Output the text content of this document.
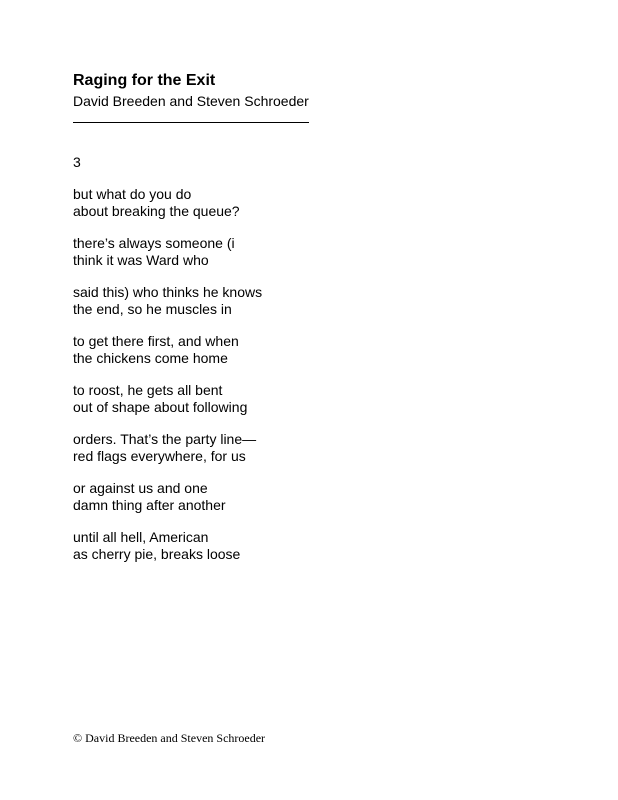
Raging for the Exit
David Breeden and Steven Schroeder
3
but what do you do
about breaking the queue?
there’s always someone (i
think it was Ward who
said this) who thinks he knows
the end, so he muscles in
to get there first, and when
the chickens come home
to roost, he gets all bent
out of shape about following
orders. That’s the party line—
red flags everywhere, for us
or against us and one
damn thing after another
until all hell, American
as cherry pie, breaks loose
© David Breeden and Steven Schroeder
